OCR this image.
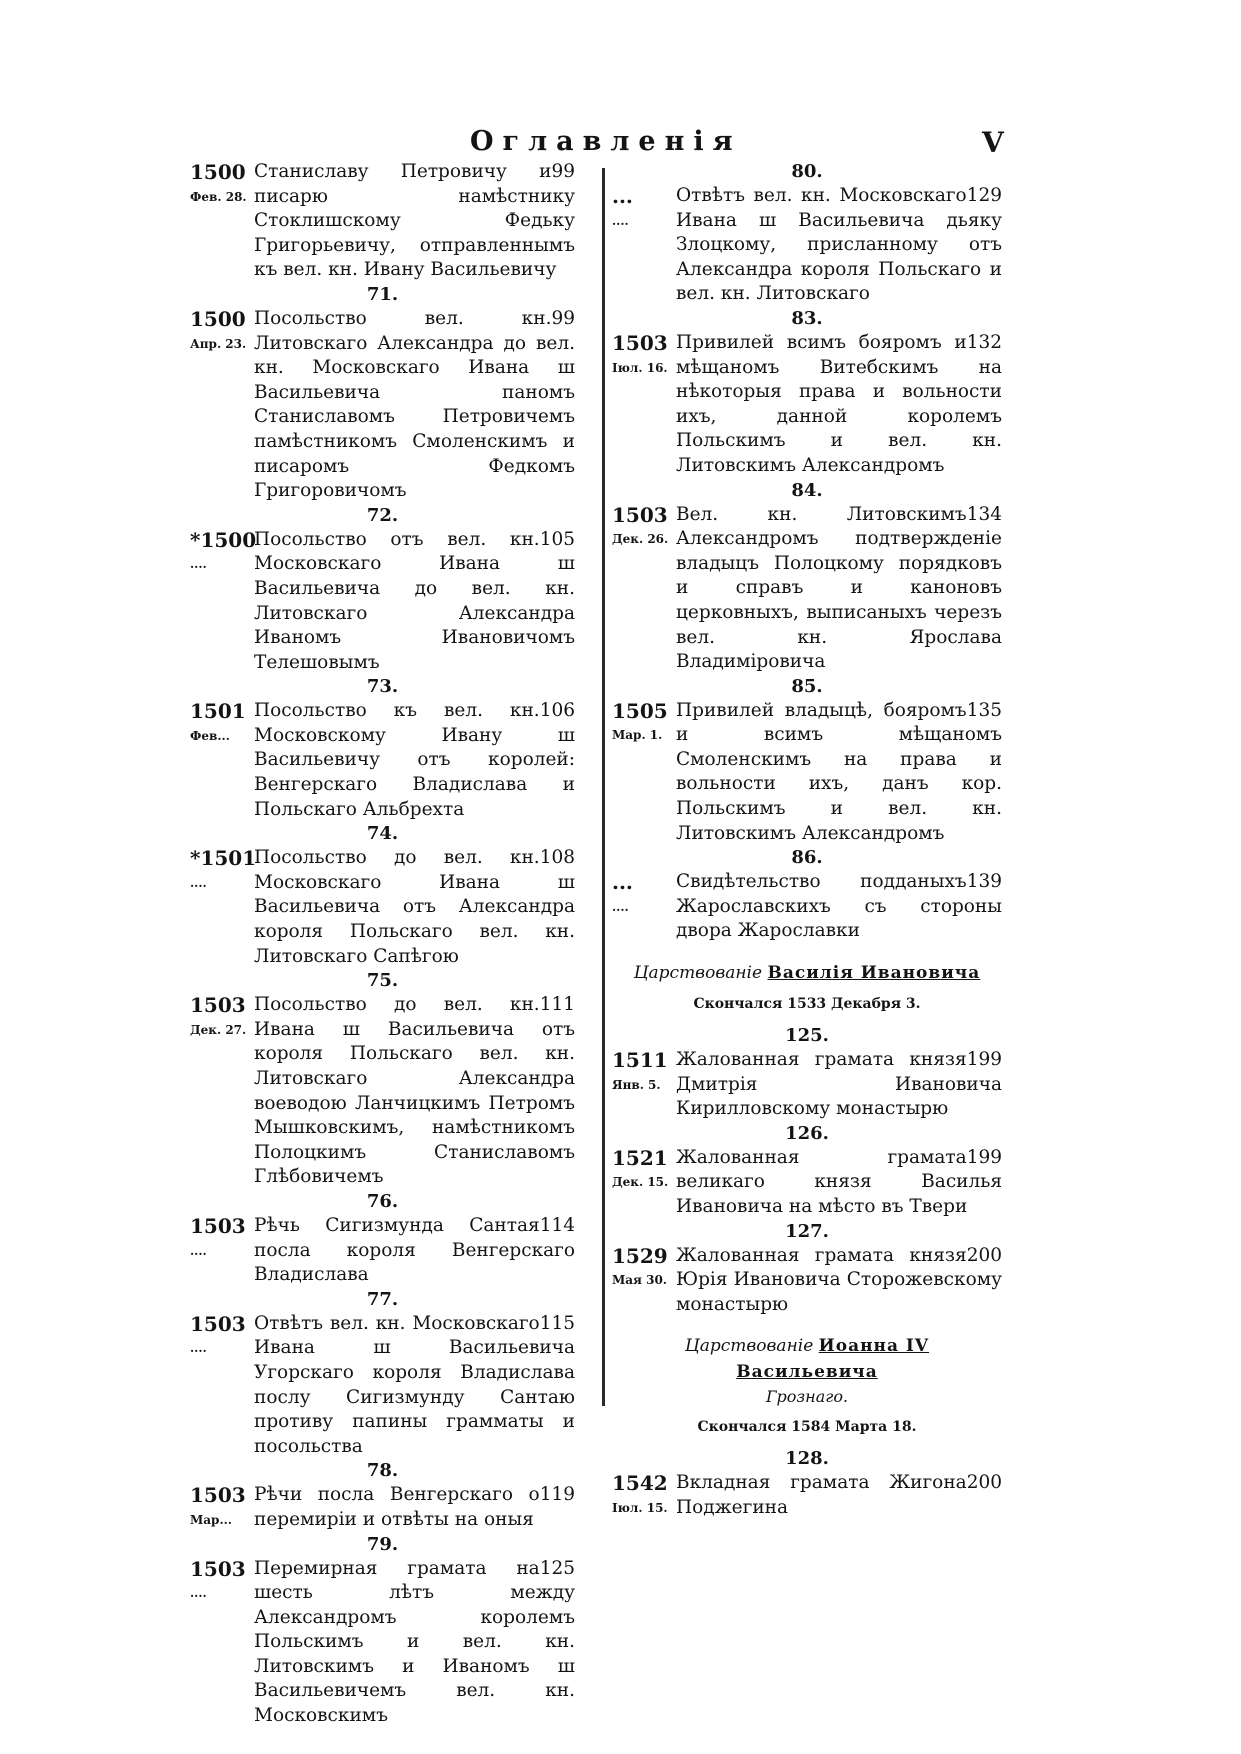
Оглавленiя	V
1500
Фев. 28.
99
Станиславу Петровичу и писарю намѣстнику Стоклишскому Федьку Григорьевичу, отправленнымъ къ вел. кн. Ивану Васильевичу
71.
1500
Апр. 23.
99
Посольство вел. кн. Литовскаго Александра до вел. кн. Московскаго Ивана ш Васильевича паномъ Станиславомъ Петровичемъ памѣстникомъ Смоленскимъ и писаромъ Федкомъ Григоровичомъ
72.
*1500
....
105
Посольство отъ вел. кн. Московскаго Ивана ш Васильевича до вел. кн. Литовскаго Александра Иваномъ Ивановичомъ Телешовымъ
73.
1501
Фев...
106
Посольство къ вел. кн. Московскому Ивану ш Васильевичу отъ королей: Венгерскаго Владислава и Польскаго Альбрехта
74.
*1501
....
108
Посольство до вел. кн. Московскаго Ивана ш Васильевича отъ Александра короля Польскаго вел. кн. Литовскаго Сапѣгою
75.
1503
Дек. 27.
111
Посольство до вел. кн. Ивана ш Васильевича отъ короля Польскаго вел. кн. Литовскаго Александра воеводою Ланчицкимъ Петромъ Мышковскимъ, намѣстникомъ Полоцкимъ Станиславомъ Глѣбовичемъ
76.
1503
....
114
Рѣчь Сигизмунда Сантая посла короля Венгерскаго Владислава
77.
1503
....
115
Отвѣтъ вел. кн. Московскаго Ивана ш Васильевича Угорскаго короля Владислава послу Сигизмунду Сантаю противу папины грамматы и посольства
78.
1503
Мар...
119
Рѣчи посла Венгерскаго о перемирiи и отвѣты на оныя
79.
1503
....
125
Перемирная грамата на шесть лѣтъ между Александромъ королемъ Польскимъ и вел. кн. Литовскимъ и Иваномъ ш Васильевичемъ вел. кн. Московскимъ
80.
...
....
129
Отвѣтъ вел. кн. Московскаго Ивана ш Васильевича дьяку Злоцкому, присланному отъ Александра короля Польскаго и вел. кн. Литовскаго
83.
1503
Iюл. 16.
132
Привилей всимъ бояромъ и мѣщаномъ Витебскимъ на нѣкоторыя права и вольности ихъ, данной королемъ Польскимъ и вел. кн. Литовскимъ Александромъ
84.
1503
Дек. 26.
134
Вел. кн. Литовскимъ Александромъ подтвержденiе владыцъ Полоцкому порядковъ и справъ и каноновъ церковныхъ, выписаныхъ черезъ вел. кн. Ярослава Владимiровича
85.
1505
Мар. 1.
135
Привилей владыцѣ, бояромъ и всимъ мѣщаномъ Смоленскимъ на права и вольности ихъ, данъ кор. Польскимъ и вел. кн. Литовскимъ Александромъ
86.
...
....
139
Свидѣтельство подданыхъ Жарославскихъ съ стороны двора Жарославки
Царствованiе Василiя Ивановича
Скончался 1533 Декабря 3.
125.
1511
Янв. 5.
199
Жалованная грамата князя Дмитрiя Ивановича Кирилловскому монастырю
126.
1521
Дек. 15.
199
Жалованная грамата великаго князя Василья Ивановича на мѣсто въ Твери
127.
1529
Мая 30.
200
Жалованная грамата князя Юрiя Ивановича Сторожевскому монастырю
Царствованiе Иоанна IV Васильевича
Грознаго.
Скончался 1584 Марта 18.
128.
1542
Iюл. 15.
200
Вкладная грамата Жигона Поджегина
